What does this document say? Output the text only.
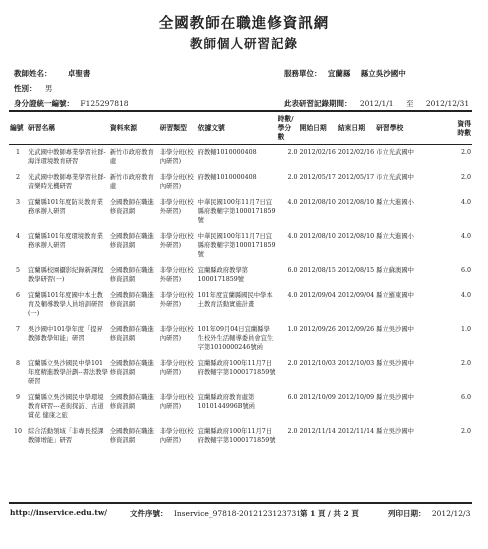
全國教師在職進修資訊網
教師個人研習記錄
教師姓名： 卓聖書	服務單位： 宜蘭縣 縣立吳沙國中
性別： 男
身分證統一編號： F125297818	此表研習記錄期間： 2012/1/1 至 2012/12/31
編號	研習名稱	資料來源	研習類型	依據文號	時數/
學分數	開始日期	結束日期	研習學校	資得
時數
1	光武國中教師專業學習社群-海洋環境教育研習	新竹市政府教育處	非學分班(校內研習)	府教輔1010000408	2.0	2012/02/16	2012/02/16	市立光武國中	2.0
2	光武國中教師專業學習社群-音樂時光機研習	新竹市政府教育處	非學分班(校內研習)	府教輔1010000408	2.0	2012/05/17	2012/05/17	市立光武國中	2.0
3	宜蘭縣101年度防災教育業務承辦人研習	全國教師在職進修資訊網	非學分班(校外研習)	中華民國100年11月7日宜縣府教輔字第1000171859號	4.0	2012/08/10	2012/08/10	縣立大進國小	4.0
4	宜蘭縣101年度環境教育業務承辦人研習	全國教師在職進修資訊網	非學分班(校外研習)	中華民國100年11月7日宜縣府教輔字第1000171859號	4.0	2012/08/10	2012/08/10	縣立大進國小	4.0
5	宜蘭縣校園攝影紀錄新課程教學研習(一)	全國教師在職進修資訊網	非學分班(校外研習)	宜蘭縣政府教學第1000171859號	6.0	2012/08/15	2012/08/15	縣立蘇澳國中	6.0
6	宜蘭縣101年度國中本土教育及輔導教學人員培訓研習(一)	全國教師在職進修資訊網	非學分班(校外研習)	101年度宜蘭縣國民中學本土教育活動實施計畫	4.0	2012/09/04	2012/09/04	縣立羅東國中	4.0
7	吳沙國中101學年度「提昇教師教學知能」研習	全國教師在職進修資訊網	非學分班(校內研習)	101年09月04日宜蘭縣學生校外生活輔導委員會宜生字第1010000246號函	1.0	2012/09/26	2012/09/26	縣立吳沙國中	1.0
8	宜蘭縣立吳沙國民中學101年度精進教學計劃--書法教學研習	全國教師在職進修資訊網	非學分班(校內研習)	宜蘭縣政府100年11月7日府教輔字第1000171859號	2.0	2012/10/03	2012/10/03	縣立吳沙國中	2.0
9	宜蘭縣立吳沙國民中學環境教育研習---老街探訪、古道賞花 健康之旅	全國教師在職進修資訊網	非學分班(校內研習)	宜蘭縣政府教育處第1010144996B號函	6.0	2012/10/09	2012/10/09	縣立吳沙國中	6.0
10	綜合活動領域「非專長授課教師增能」研習	全國教師在職進修資訊網	非學分班(校內研習)	宜蘭縣政府100年11月7日府教輔字第1000171859號	2.0	2012/11/14	2012/11/14	縣立吳沙國中	2.0
http://inservice.edu.tw/	文件序號： Inservice_97818-2012123123731
第 1 頁 / 共 2 頁	列印日期： 2012/12/3
